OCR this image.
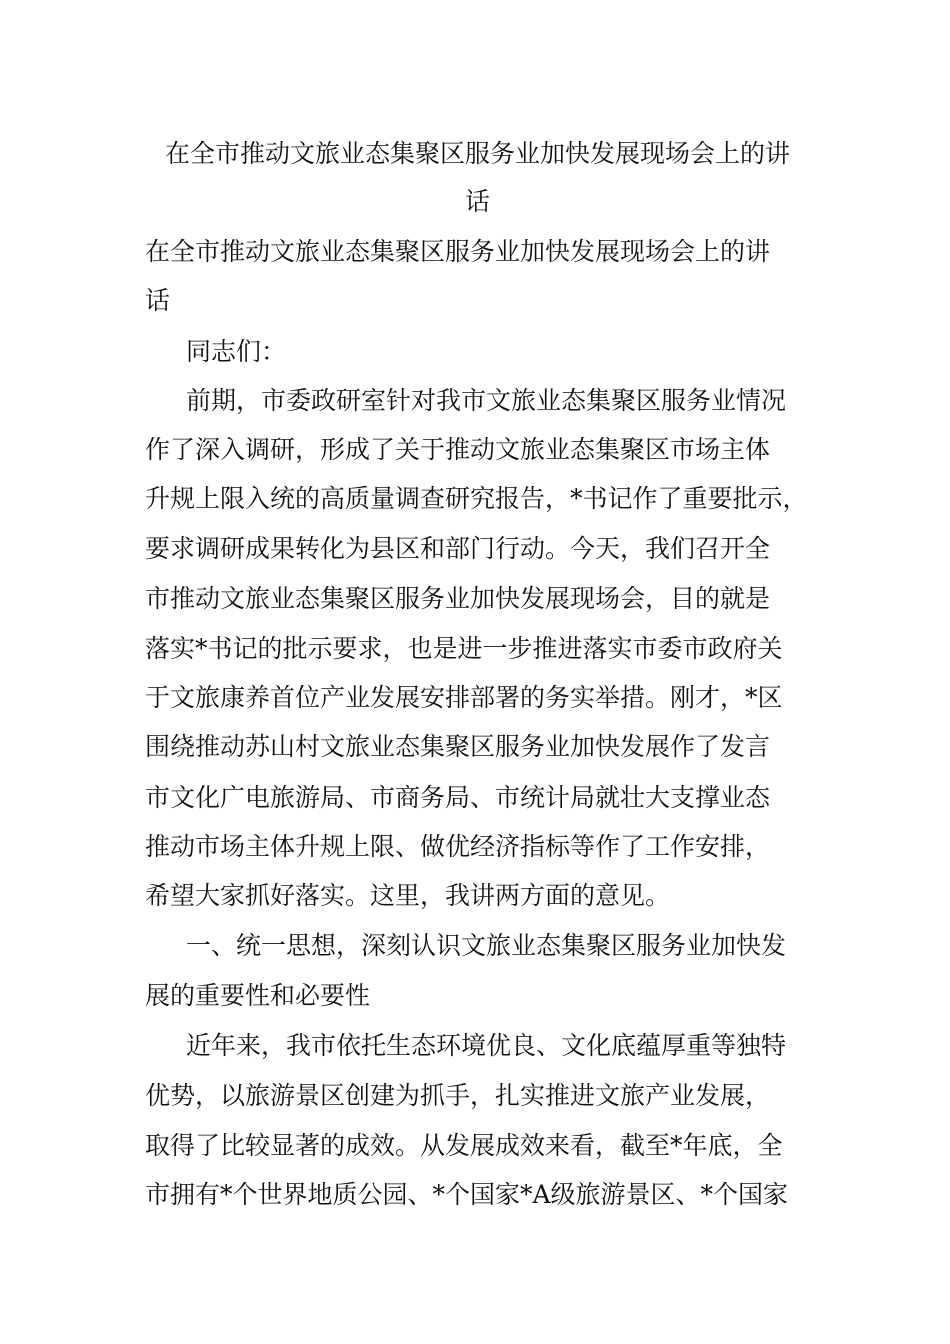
在全市推动文旅业态集聚区服务业加快发展现场会上的讲
话
在全市推动文旅业态集聚区服务业加快发展现场会上的讲
话
同志们：
前期，市委政研室针对我市文旅业态集聚区服务业情况
作了深入调研，形成了关于推动文旅业态集聚区市场主体
升规上限入统的高质量调查研究报告，*书记作了重要批示，
要求调研成果转化为县区和部门行动。今天，我们召开全
市推动文旅业态集聚区服务业加快发展现场会，目的就是
落实*书记的批示要求，也是进一步推进落实市委市政府关
于文旅康养首位产业发展安排部署的务实举措。刚才，*区
围绕推动苏山村文旅业态集聚区服务业加快发展作了发言
市文化广电旅游局、市商务局、市统计局就壮大支撑业态
推动市场主体升规上限、做优经济指标等作了工作安排，
希望大家抓好落实。这里，我讲两方面的意见。
一、统一思想，深刻认识文旅业态集聚区服务业加快发
展的重要性和必要性
近年来，我市依托生态环境优良、文化底蕴厚重等独特
优势，以旅游景区创建为抓手，扎实推进文旅产业发展，
取得了比较显著的成效。从发展成效来看，截至*年底，全
市拥有*个世界地质公园、*个国家*A级旅游景区、*个国家
